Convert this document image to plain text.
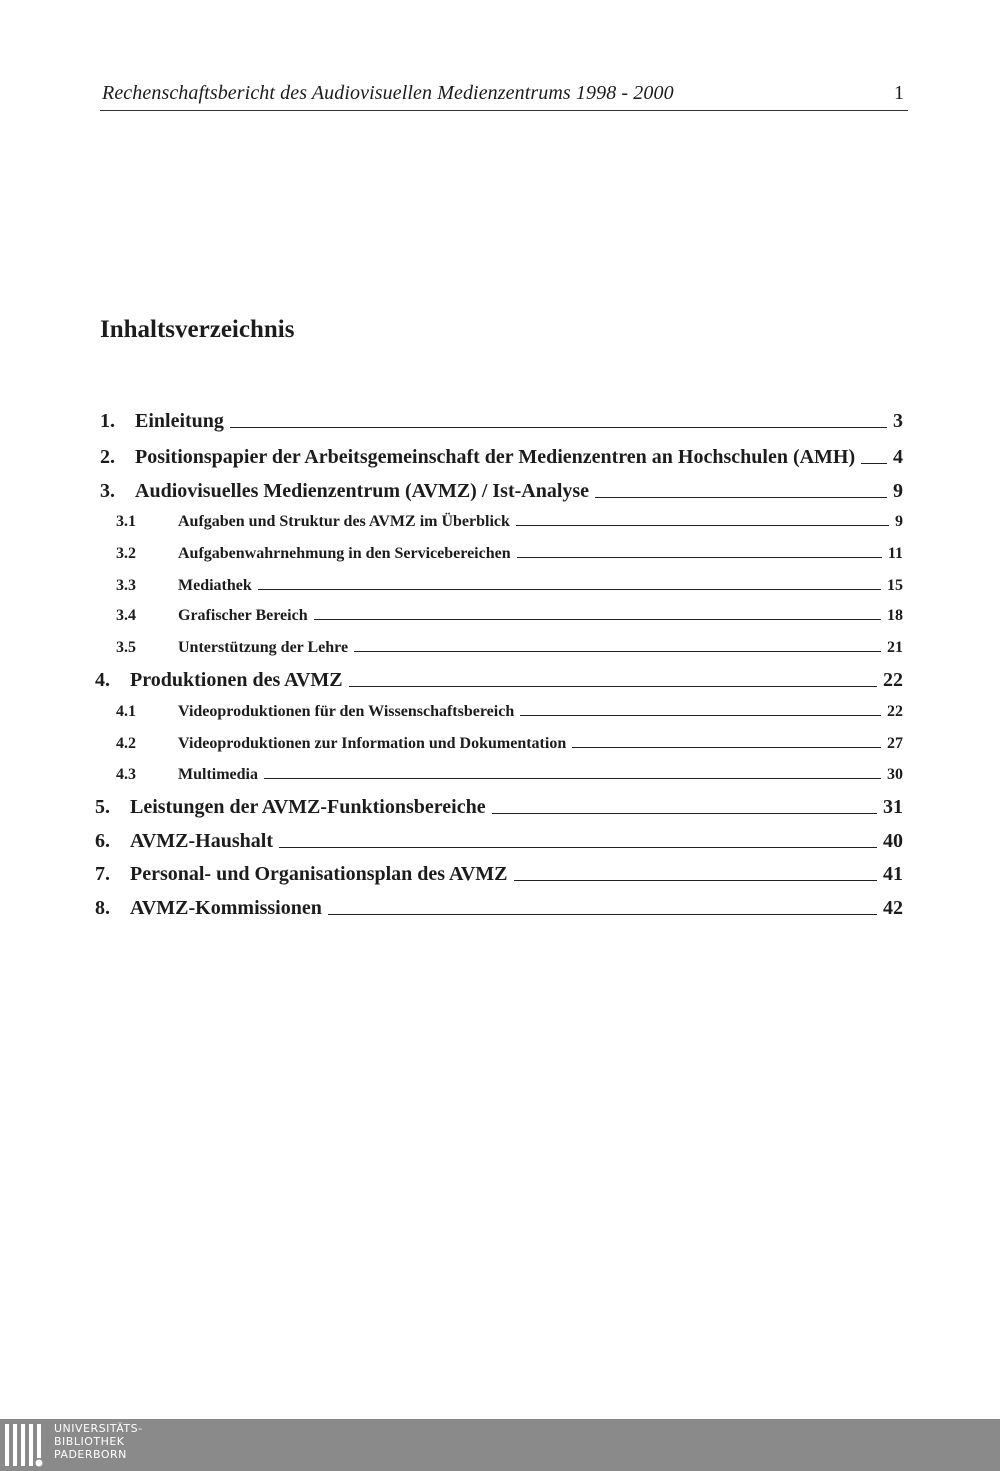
Rechenschaftsbericht des Audiovisuellen Medienzentrums 1998 - 2000	1
Inhaltsverzeichnis
1.	Einleitung	3
2.	Positionspapier der Arbeitsgemeinschaft der Medienzentren an Hochschulen (AMH) 4
3.	Audiovisuelles Medienzentrum (AVMZ) / Ist-Analyse	9
3.1	Aufgaben und Struktur des AVMZ im Überblick	9
3.2	Aufgabenwahrnehmung in den Servicebereichen	11
3.3	Mediathek	15
3.4	Grafischer Bereich	18
3.5	Unterstützung der Lehre	21
4.	Produktionen des AVMZ	22
4.1	Videoproduktionen für den Wissenschaftsbereich	22
4.2	Videoproduktionen zur Information und Dokumentation	27
4.3	Multimedia	30
5.	Leistungen der AVMZ-Funktionsbereiche	31
6.	AVMZ-Haushalt	40
7.	Personal- und Organisationsplan des AVMZ	41
8.	AVMZ-Kommissionen	42
UNIVERSITÄTS-
BIBLIOTHEK
PADERBORN
